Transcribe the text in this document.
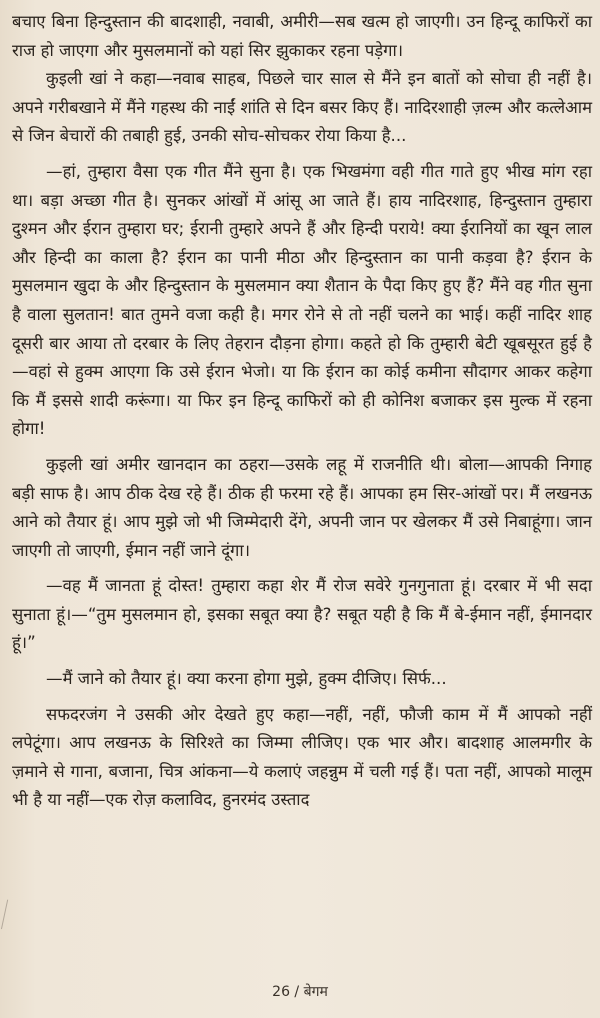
बचाए बिना हिन्दुस्तान की बादशाही, नवाबी, अमीरी—सब खत्म हो जाएगी। उन हिन्दू काफिरों का राज हो जाएगा और मुसलमानों को यहां सिर झुकाकर रहना पड़ेगा।

कुइली खां ने कहा—नवाब साहब, पिछले चार साल से मैंने इन बातों को सोचा ही नहीं है। अपने गरीबखाने में मैंने गहस्थ की नाईं शांति से दिन बसर किए हैं। नादिरशाही ज़ल्म और कत्लेआम से जिन बेचारों की तबाही हुई, उनकी सोच-सोचकर रोया किया है...

—हां, तुम्हारा वैसा एक गीत मैंने सुना है। एक भिखमंगा वही गीत गाते हुए भीख मांग रहा था। बड़ा अच्छा गीत है। सुनकर आंखों में आंसू आ जाते हैं। हाय नादिरशाह, हिन्दुस्तान तुम्हारा दुश्मन और ईरान तुम्हारा घर; ईरानी तुम्हारे अपने हैं और हिन्दी पराये! क्या ईरानियों का खून लाल और हिन्दी का काला है? ईरान का पानी मीठा और हिन्दुस्तान का पानी कड़वा है? ईरान के मुसलमान खुदा के और हिन्दुस्तान के मुसलमान क्या शैतान के पैदा किए हुए हैं? मैंने वह गीत सुना है वाला सुलतान! बात तुमने वजा कही है। मगर रोने से तो नहीं चलने का भाई। कहीं नादिर शाह दूसरी बार आया तो दरबार के लिए तेहरान दौड़ना होगा। कहते हो कि तुम्हारी बेटी खूबसूरत हुई है—वहां से हुक्म आएगा कि उसे ईरान भेजो। या कि ईरान का कोई कमीना सौदागर आकर कहेगा कि मैं इससे शादी करूंगा। या फिर इन हिन्दू काफिरों को ही कोनिश बजाकर इस मुल्क में रहना होगा!

कुइली खां अमीर खानदान का ठहरा—उसके लहू में राजनीति थी। बोला—आपकी निगाह बड़ी साफ है। आप ठीक देख रहे हैं। ठीक ही फरमा रहे हैं। आपका हम सिर-आंखों पर। मैं लखनऊ आने को तैयार हूं। आप मुझे जो भी जिम्मेदारी देंगे, अपनी जान पर खेलकर मैं उसे निबाहूंगा। जान जाएगी तो जाएगी, ईमान नहीं जाने दूंगा।

—वह मैं जानता हूं दोस्त! तुम्हारा कहा शेर मैं रोज सवेरे गुनगुनाता हूं। दरबार में भी सदा सुनाता हूं।—“तुम मुसलमान हो, इसका सबूत क्या है? सबूत यही है कि मैं बे-ईमान नहीं, ईमानदार हूं।”

—मैं जाने को तैयार हूं। क्या करना होगा मुझे, हुक्म दीजिए। सिर्फ...

सफदरजंग ने उसकी ओर देखते हुए कहा—नहीं, नहीं, फौजी काम में मैं आपको नहीं लपेटूंगा। आप लखनऊ के सिरिश्ते का जिम्मा लीजिए। एक भार और। बादशाह आलमगीर के ज़माने से गाना, बजाना, चित्र आंकना—ये कलाएं जहन्नुम में चली गई हैं। पता नहीं, आपको मालूम भी है या नहीं—एक रोज़ कलाविद, हुनरमंद उस्ताद

26 / बेगम
